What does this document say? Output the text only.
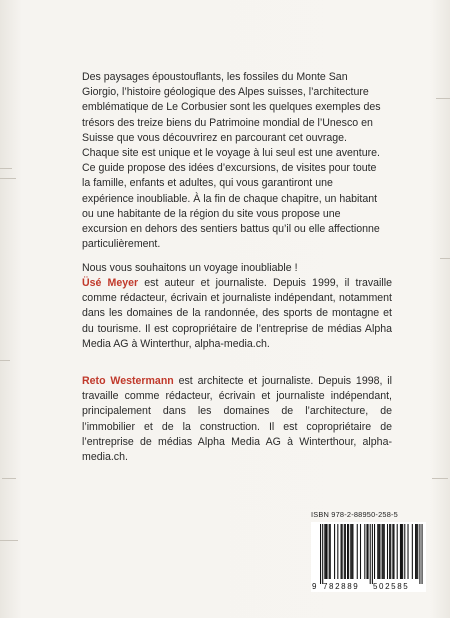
Des paysages époustouflants, les fossiles du Monte San Giorgio, l’histoire géologique des Alpes suisses, l’architecture emblématique de Le Corbusier sont les quelques exemples des trésors des treize biens du Patrimoine mondial de l’Unesco en Suisse que vous découvrirez en parcourant cet ouvrage. Chaque site est unique et le voyage à lui seul est une aventure. Ce guide propose des idées d’excursions, de visites pour toute la famille, enfants et adultes, qui vous garantiront une expérience inoubliable. À la fin de chaque chapitre, un habitant ou une habitante de la région du site vous propose une excursion en dehors des sentiers battus qu’il ou elle affectionne particulièrement.

Nous vous souhaitons un voyage inoubliable !

Üsé Meyer est auteur et journaliste. Depuis 1999, il travaille comme rédacteur, écrivain et journaliste indépendant, notamment dans les domaines de la randonnée, des sports de montagne et du tourisme. Il est copropriétaire de l’entreprise de médias Alpha Media AG à Winterthur, alpha-media.ch.
Reto Westermann est architecte et journaliste. Depuis 1998, il travaille comme rédacteur, écrivain et journaliste indépendant, principalement dans les domaines de l’architecture, de l’immobilier et de la construction. Il est copropriétaire de l’entreprise de médias Alpha Media AG à Winterthour, alpha-media.ch.
ISBN 978-2-88950-258-5
9 782889 502585
